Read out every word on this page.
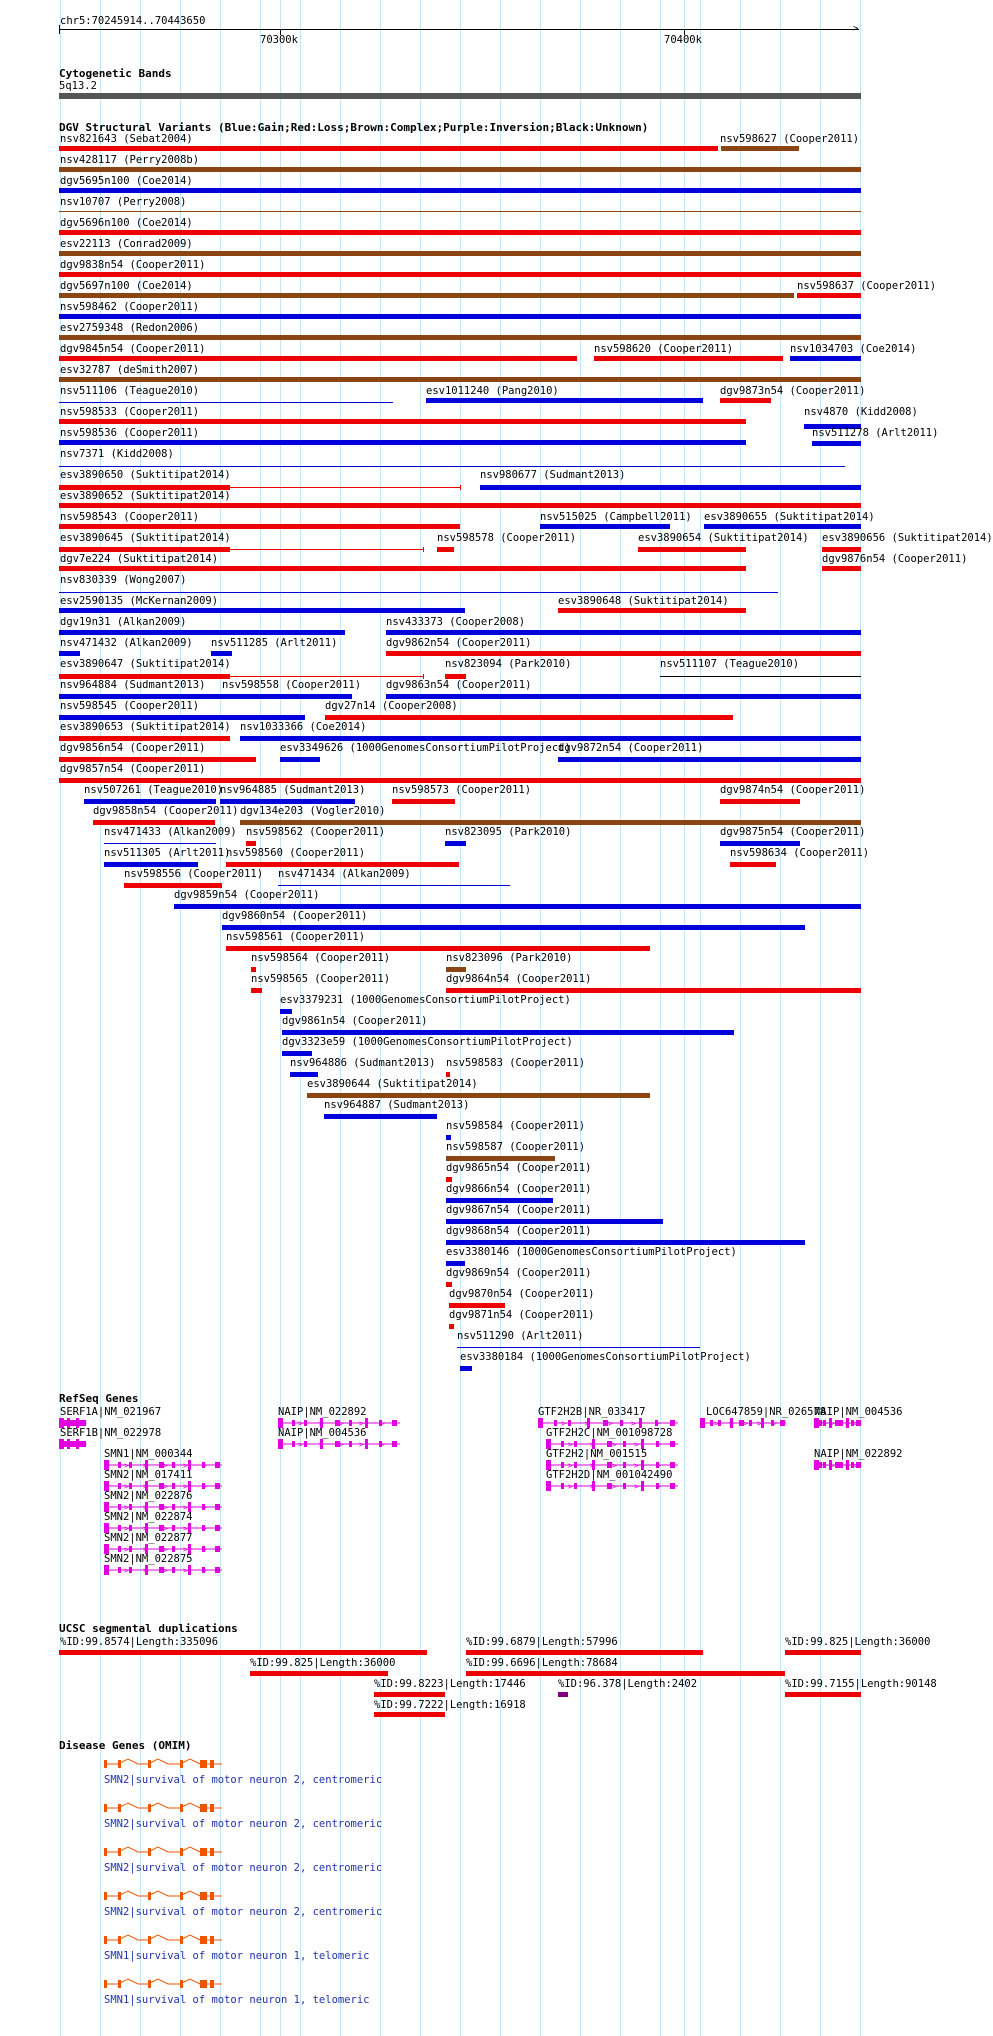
chr5:70245914..70443650
>
70300k	70400k
Cytogenetic Bands
5q13.2
DGV Structural Variants (Blue:Gain;Red:Loss;Brown:Complex;Purple:Inversion;Black:Unknown)
nsv821643 (Sebat2004)	nsv598627 (Cooper2011)
nsv428117 (Perry2008b)
dgv5695n100 (Coe2014)
nsv10707 (Perry2008)
dgv5696n100 (Coe2014)
esv22113 (Conrad2009)
dgv9838n54 (Cooper2011)
dgv5697n100 (Coe2014)	nsv598637 (Cooper2011)
nsv598462 (Cooper2011)
esv2759348 (Redon2006)
dgv9845n54 (Cooper2011)	nsv598620 (Cooper2011)	nsv1034703 (Coe2014)
esv32787 (deSmith2007)
nsv511106 (Teague2010)	esv1011240 (Pang2010)	dgv9873n54 (Cooper2011)
nsv598533 (Cooper2011)	nsv4870 (Kidd2008)
nsv598536 (Cooper2011)	nsv511278 (Arlt2011)
nsv7371 (Kidd2008)
esv3890650 (Suktitipat2014)	nsv980677 (Sudmant2013)
esv3890652 (Suktitipat2014)
nsv598543 (Cooper2011)	nsv515025 (Campbell2011) esv3890655 (Suktitipat2014)
esv3890645 (Suktitipat2014)	nsv598578 (Cooper2011)	esv3890654 (Suktitipat2014) esv3890656 (Suktitipat2014)
dgv7e224 (Suktitipat2014)	dgv9876n54 (Cooper2011)
nsv830339 (Wong2007)
esv2590135 (McKernan2009)	esv3890648 (Suktitipat2014)
dgv19n31 (Alkan2009)	nsv433373 (Cooper2008)
nsv471432 (Alkan2009) nsv511285 (Arlt2011)	dgv9862n54 (Cooper2011)
esv3890647 (Suktitipat2014)	nsv823094 (Park2010)	nsv511107 (Teague2010)
nsv964884 (Sudmant2013) nsv598558 (Cooper2011) dgv9863n54 (Cooper2011)
nsv598545 (Cooper2011)	dgv27n14 (Cooper2008)
esv3890653 (Suktitipat2014) nsv1033366 (Coe2014)
dgv9856n54 (Cooper2011)	esv3349626 (1000GenomesConsortiumPilotProject)
dgv9872n54 (Cooper2011)
dgv9857n54 (Cooper2011)
nsv507261 (Teague2010)
nsv964885 (Sudmant2013)	nsv598573 (Cooper2011)	dgv9874n54 (Cooper2011)
dgv9858n54 (Cooper2011) dgv134e203 (Vogler2010)
nsv471433 (Alkan2009) nsv598562 (Cooper2011)	nsv823095 (Park2010)	dgv9875n54 (Cooper2011)
nsv511305 (Arlt2011)
nsv598560 (Cooper2011)	nsv598634 (Cooper2011)
nsv598556 (Cooper2011) nsv471434 (Alkan2009)
dgv9859n54 (Cooper2011)
dgv9860n54 (Cooper2011)
nsv598561 (Cooper2011)
nsv598564 (Cooper2011)	nsv823096 (Park2010)
nsv598565 (Cooper2011)	dgv9864n54 (Cooper2011)
esv3379231 (1000GenomesConsortiumPilotProject)
dgv9861n54 (Cooper2011)
dgv3323e59 (1000GenomesConsortiumPilotProject)
nsv964886 (Sudmant2013) nsv598583 (Cooper2011)
esv3890644 (Suktitipat2014)
nsv964887 (Sudmant2013)
nsv598584 (Cooper2011)
nsv598587 (Cooper2011)
dgv9865n54 (Cooper2011)
dgv9866n54 (Cooper2011)
dgv9867n54 (Cooper2011)
dgv9868n54 (Cooper2011)
esv3380146 (1000GenomesConsortiumPilotProject)
dgv9869n54 (Cooper2011)
dgv9870n54 (Cooper2011)
dgv9871n54 (Cooper2011)
nsv511290 (Arlt2011)
esv3380184 (1000GenomesConsortiumPilotProject)
RefSeq Genes
SERF1A|NM_021967
> > > > >
NAIP|NM_022892
> > > > >
GTF2H2B|NR_033417
> > > > >
LOC647859|NR_026578
> > > > >
NAIP|NM_004536
> > > > >
SERF1B|NM_022978
> > > > >
GTF2H2C|NM_001098728
> > > > >
NAIP|NM_004536
> > > > >
SMN1|NM_000344
> > > > >
GTF2H2|NM_001515
> > > > >
NAIP|NM_022892
> > > > >
SMN2|NM_017411
> > > > >
GTF2H2D|NM_001042490
> > > > >
SMN2|NM_022876
> > > > >
SMN2|NM_022874
> > > > >
SMN2|NM_022877
> > > > >
SMN2|NM_022875
> > > > >
UCSC segmental duplications
%ID:99.8574|Length:335096	%ID:99.6879|Length:57996	%ID:99.825|Length:36000
%ID:99.825|Length:36000	%ID:99.6696|Length:78684
%ID:99.8223|Length:17446	%ID:96.378|Length:2402	%ID:99.7155|Length:90148
%ID:99.7222|Length:16918
Disease Genes (OMIM)
SMN2|survival of motor neuron 2, centromeric
SMN2|survival of motor neuron 2, centromeric
SMN2|survival of motor neuron 2, centromeric
SMN2|survival of motor neuron 2, centromeric
SMN1|survival of motor neuron 1, telomeric
SMN1|survival of motor neuron 1, telomeric
